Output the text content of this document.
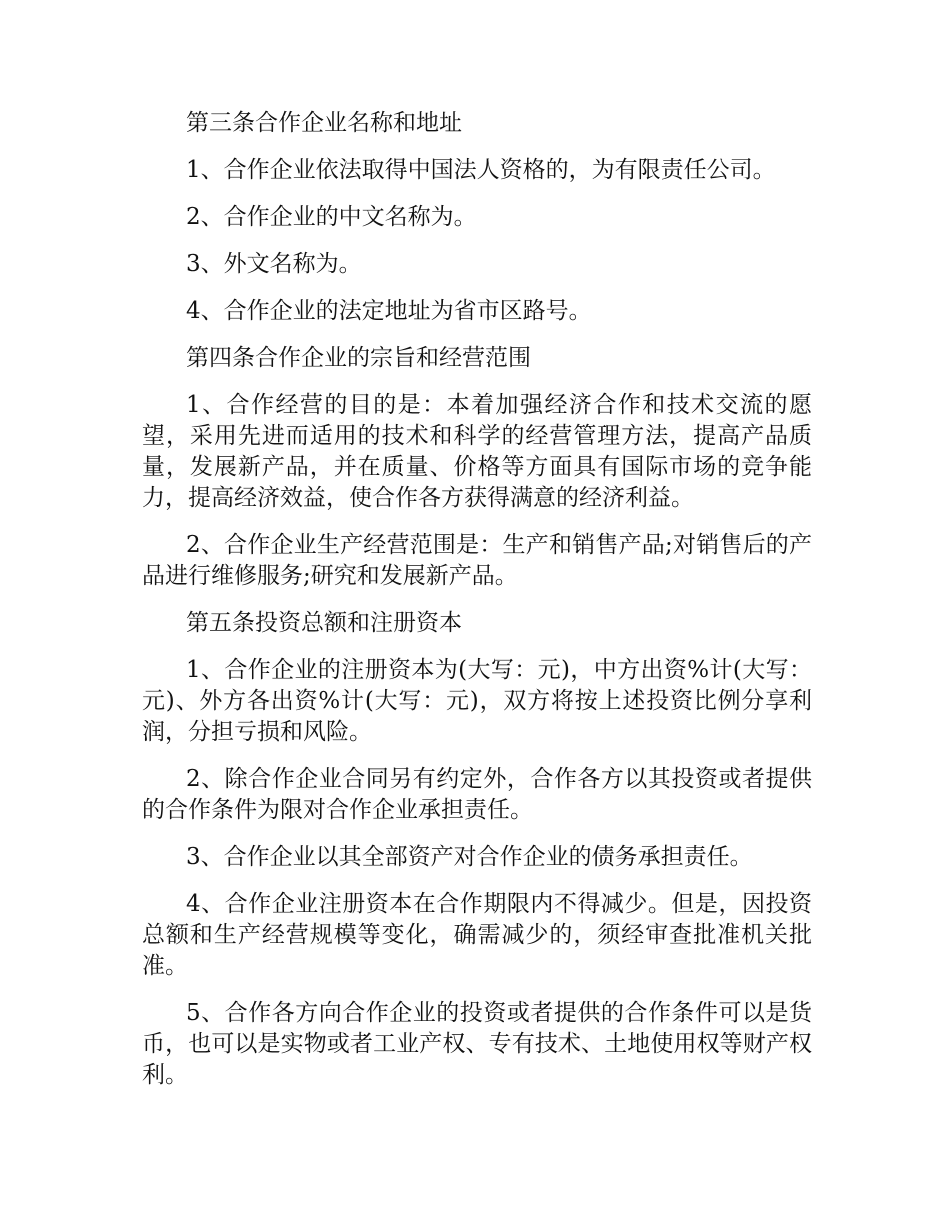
第三条合作企业名称和地址

1、合作企业依法取得中国法人资格的，为有限责任公司。

2、合作企业的中文名称为。

3、外文名称为。

4、合作企业的法定地址为省市区路号。

第四条合作企业的宗旨和经营范围

1、合作经营的目的是：本着加强经济合作和技术交流的愿望，采用先进而适用的技术和科学的经营管理方法，提高产品质量，发展新产品，并在质量、价格等方面具有国际市场的竞争能力，提高经济效益，使合作各方获得满意的经济利益。

2、合作企业生产经营范围是：生产和销售产品;对销售后的产品进行维修服务;研究和发展新产品。

第五条投资总额和注册资本

1、合作企业的注册资本为(大写：元)，中方出资%计(大写：元)、外方各出资%计(大写：元)，双方将按上述投资比例分享利润，分担亏损和风险。

2、除合作企业合同另有约定外，合作各方以其投资或者提供的合作条件为限对合作企业承担责任。

3、合作企业以其全部资产对合作企业的债务承担责任。

4、合作企业注册资本在合作期限内不得减少。但是，因投资总额和生产经营规模等变化，确需减少的，须经审查批准机关批准。

5、合作各方向合作企业的投资或者提供的合作条件可以是货币，也可以是实物或者工业产权、专有技术、土地使用权等财产权利。
